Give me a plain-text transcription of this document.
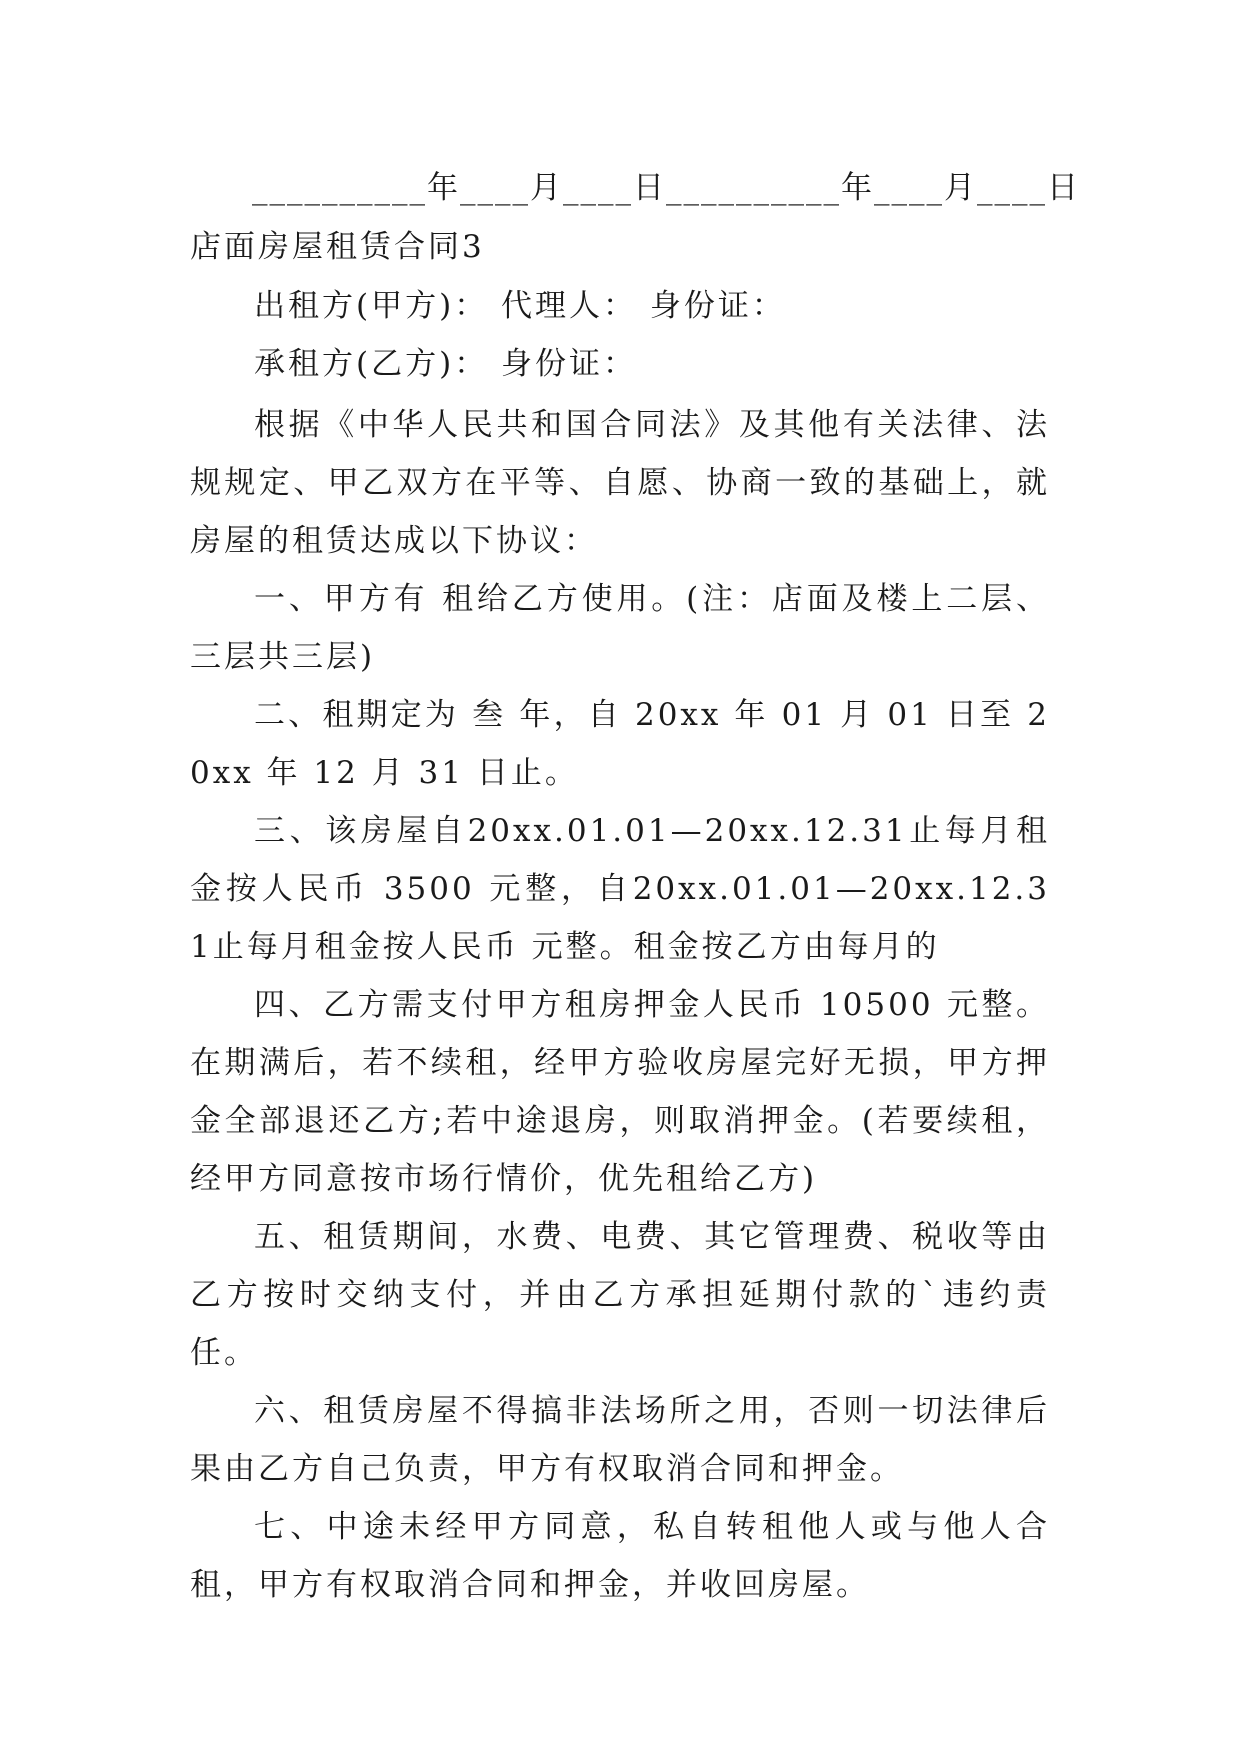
__________年____月____日__________年____月____日
店面房屋租赁合同3
出租方(甲方)： 代理人： 身份证：
承租方(乙方)： 身份证：

根据《中华人民共和国合同法》及其他有关法律、法规规定、甲乙双方在平等、自愿、协商一致的基础上，就房屋的租赁达成以下协议：

一、甲方有 租给乙方使用。(注：店面及楼上二层、三层共三层)

二、租期定为 叁 年，自 20xx 年 01 月 01 日至 20xx 年 12 月 31 日止。

三、该房屋自20xx.01.01—20xx.12.31止每月租金按人民币 3500 元整，自20xx.01.01—20xx.12.31止每月租金按人民币 元整。租金按乙方由每月的

四、乙方需支付甲方租房押金人民币 10500 元整。在期满后，若不续租，经甲方验收房屋完好无损，甲方押金全部退还乙方;若中途退房，则取消押金。(若要续租，经甲方同意按市场行情价，优先租给乙方)

五、租赁期间，水费、电费、其它管理费、税收等由乙方按时交纳支付，并由乙方承担延期付款的`违约责任。

六、租赁房屋不得搞非法场所之用，否则一切法律后果由乙方自己负责，甲方有权取消合同和押金。

七、中途未经甲方同意，私自转租他人或与他人合租，甲方有权取消合同和押金，并收回房屋。
